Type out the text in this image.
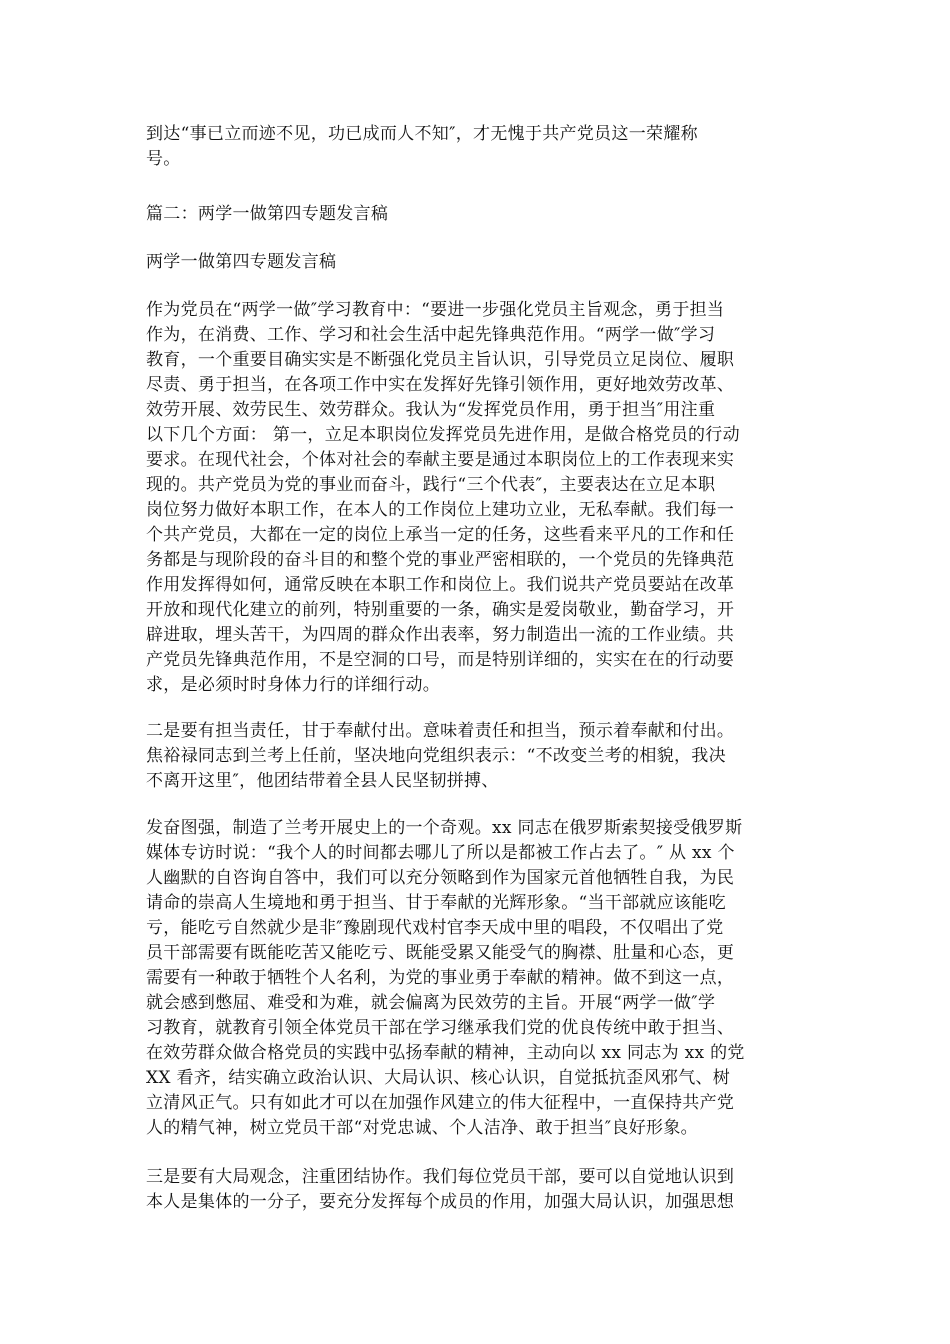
到达“事已立而迹不见，功已成而人不知″，才无愧于共产党员这一荣耀称
号。

篇二：两学一做第四专题发言稿

两学一做第四专题发言稿

作为党员在“两学一做″学习教育中：“要进一步强化党员主旨观念，勇于担当
作为，在消费、工作、学习和社会生活中起先锋典范作用。“两学一做″学习
教育，一个重要目确实实是不断强化党员主旨认识，引导党员立足岗位、履职
尽责、勇于担当，在各项工作中实在发挥好先锋引领作用，更好地效劳改革、
效劳开展、效劳民生、效劳群众。我认为“发挥党员作用，勇于担当″用注重
以下几个方面： 第一，立足本职岗位发挥党员先进作用，是做合格党员的行动
要求。在现代社会，个体对社会的奉献主要是通过本职岗位上的工作表现来实
现的。共产党员为党的事业而奋斗，践行“三个代表″，主要表达在立足本职
岗位努力做好本职工作，在本人的工作岗位上建功立业，无私奉献。我们每一
个共产党员，大都在一定的岗位上承当一定的任务，这些看来平凡的工作和任
务都是与现阶段的奋斗目的和整个党的事业严密相联的，一个党员的先锋典范
作用发挥得如何，通常反映在本职工作和岗位上。我们说共产党员要站在改革
开放和现代化建立的前列，特别重要的一条，确实是爱岗敬业，勤奋学习，开
辟进取，埋头苦干，为四周的群众作出表率，努力制造出一流的工作业绩。共
产党员先锋典范作用，不是空洞的口号，而是特别详细的，实实在在的行动要
求，是必须时时身体力行的详细行动。

二是要有担当责任，甘于奉献付出。意味着责任和担当，预示着奉献和付出。
焦裕禄同志到兰考上任前，坚决地向党组织表示：“不改变兰考的相貌，我决
不离开这里″，他团结带着全县人民坚韧拼搏、

发奋图强，制造了兰考开展史上的一个奇观。xx 同志在俄罗斯索契接受俄罗斯
媒体专访时说：“我个人的时间都去哪儿了所以是都被工作占去了。″ 从 xx 个
人幽默的自咨询自答中，我们可以充分领略到作为国家元首他牺牲自我，为民
请命的崇高人生境地和勇于担当、甘于奉献的光辉形象。“当干部就应该能吃
亏，能吃亏自然就少是非″豫剧现代戏村官李天成中里的唱段，不仅唱出了党
员干部需要有既能吃苦又能吃亏、既能受累又能受气的胸襟、肚量和心态，更
需要有一种敢于牺牲个人名利，为党的事业勇于奉献的精神。做不到这一点，
就会感到憋屈、难受和为难，就会偏离为民效劳的主旨。开展“两学一做″学
习教育，就教育引领全体党员干部在学习继承我们党的优良传统中敢于担当、
在效劳群众做合格党员的实践中弘扬奉献的精神，主动向以 xx 同志为 xx 的党
XX 看齐，结实确立政治认识、大局认识、核心认识，自觉抵抗歪风邪气、树
立清风正气。只有如此才可以在加强作风建立的伟大征程中，一直保持共产党
人的精气神，树立党员干部“对党忠诚、个人洁净、敢于担当″良好形象。

三是要有大局观念，注重团结协作。我们每位党员干部，要可以自觉地认识到
本人是集体的一分子，要充分发挥每个成员的作用，加强大局认识，加强思想
